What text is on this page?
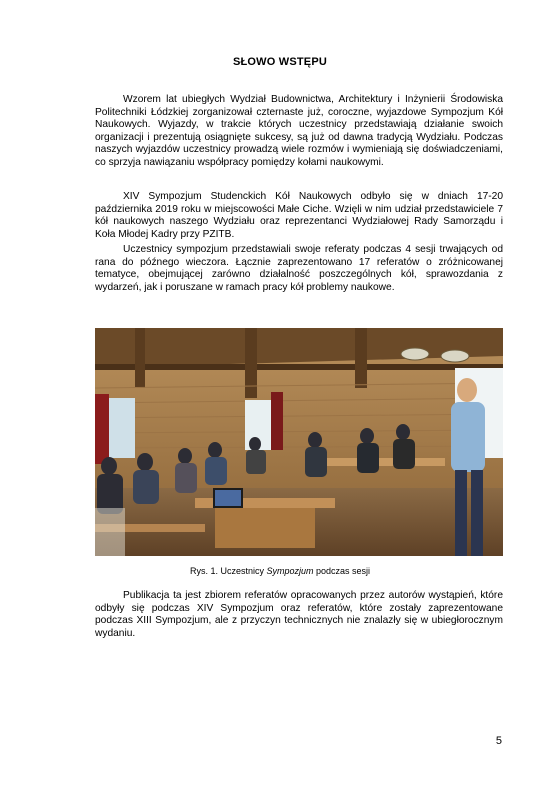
SŁOWO WSTĘPU

Wzorem lat ubiegłych Wydział Budownictwa, Architektury i Inżynierii Środowiska Politechniki Łódzkiej zorganizował czternaste już, coroczne, wyjazdowe Sympozjum Kół Naukowych. Wyjazdy, w trakcie których uczestnicy przedstawiają działanie swoich organizacji i prezentują osiągnięte sukcesy, są już od dawna tradycją Wydziału. Podczas naszych wyjazdów uczestnicy prowadzą wiele rozmów i wymieniają się doświadczeniami, co sprzyja nawiązaniu współpracy pomiędzy kołami naukowymi.

XIV Sympozjum Studenckich Kół Naukowych odbyło się w dniach 17-20 października 2019 roku w miejscowości Małe Ciche. Wzięli w nim udział przedstawiciele 7 kół naukowych naszego Wydziału oraz reprezentanci Wydziałowej Rady Samorządu i Koła Młodej Kadry przy PZITB.

Uczestnicy sympozjum przedstawiali swoje referaty podczas 4 sesji trwających od rana do późnego wieczora. Łącznie zaprezentowano 17 referatów o zróżnicowanej tematyce, obejmującej zarówno działalność poszczególnych kół, sprawozdania z wydarzeń, jak i poruszane w ramach pracy kół problemy naukowe.

Rys. 1. Uczestnicy Sympozjum podczas sesji

Publikacja ta jest zbiorem referatów opracowanych przez autorów wystąpień, które odbyły się podczas XIV Sympozjum oraz referatów, które zostały zaprezentowane podczas XIII Sympozjum, ale z przyczyn technicznych nie znalazły się w ubiegłorocznym wydaniu.

5
